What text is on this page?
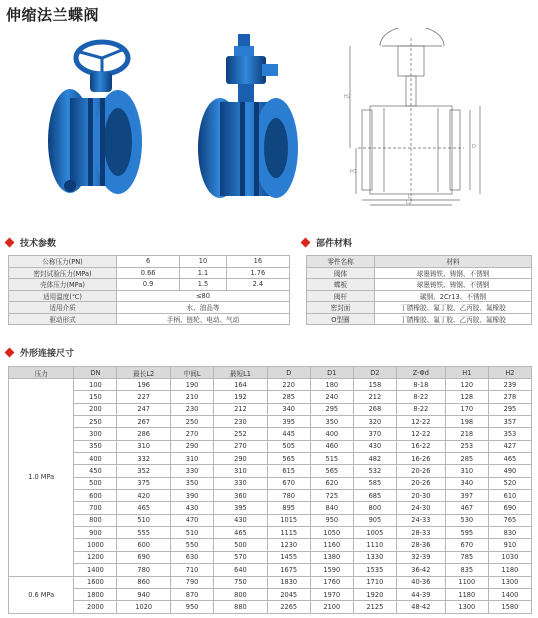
伸缩法兰蝶阀
H2
H1
L
L2
D
技术参数
公称压力(PN)	6	10	16
密封试验压力(MPa)	0.66	1.1	1.76
壳体压力(MPa)	0.9	1.5	2.4
适用温度(℃)	≤80		
适用介质	水、油品等		
驱动形式	手柄、链轮、电动、气动		
部件材料
零件名称	材料
阀体	球墨铸铁、铸钢、不锈钢
蝶板	球墨铸铁、铸钢、不锈钢
阀杆	碳钢、2Cr13、不锈钢
密封面	丁腈橡胶、氟丁胶、乙丙胶、氟橡胶
O型圈	丁腈橡胶、氟丁胶、乙丙胶、氟橡胶
外形连接尺寸
压力	DN	最长L2	中间L	最短L1	D	D1	D2	Z-Φd	H1	H2
1.0 MPa	100	196	190	164	220	180	158	8-18	120	239
	150	227	210	192	285	240	212	8-22	128	278
	200	247	230	212	340	295	268	8-22	170	295
	250	267	250	230	395	350	320	12-22	198	357
	300	286	270	252	445	400	370	12-22	218	353
	350	310	290	270	505	460	430	16-22	253	427
	400	332	310	290	565	515	482	16-26	285	465
	450	352	330	310	615	565	532	20-26	310	490
	500	375	350	330	670	620	585	20-26	340	520
	600	420	390	360	780	725	685	20-30	397	610
	700	465	430	395	895	840	800	24-30	467	690
	800	510	470	430	1015	950	905	24-33	530	765
	900	555	510	465	1115	1050	1005	28-33	595	830
	1000	600	550	500	1230	1160	1110	28-36	670	910
	1200	690	630	570	1455	1380	1330	32-39	785	1030
	1400	780	710	640	1675	1590	1535	36-42	835	1180
0.6 MPa	1600	860	790	750	1830	1760	1710	40-36	1100	1300
	1800	940	870	800	2045	1970	1920	44-39	1180	1400
	2000	1020	950	880	2265	2100	2125	48-42	1300	1580
